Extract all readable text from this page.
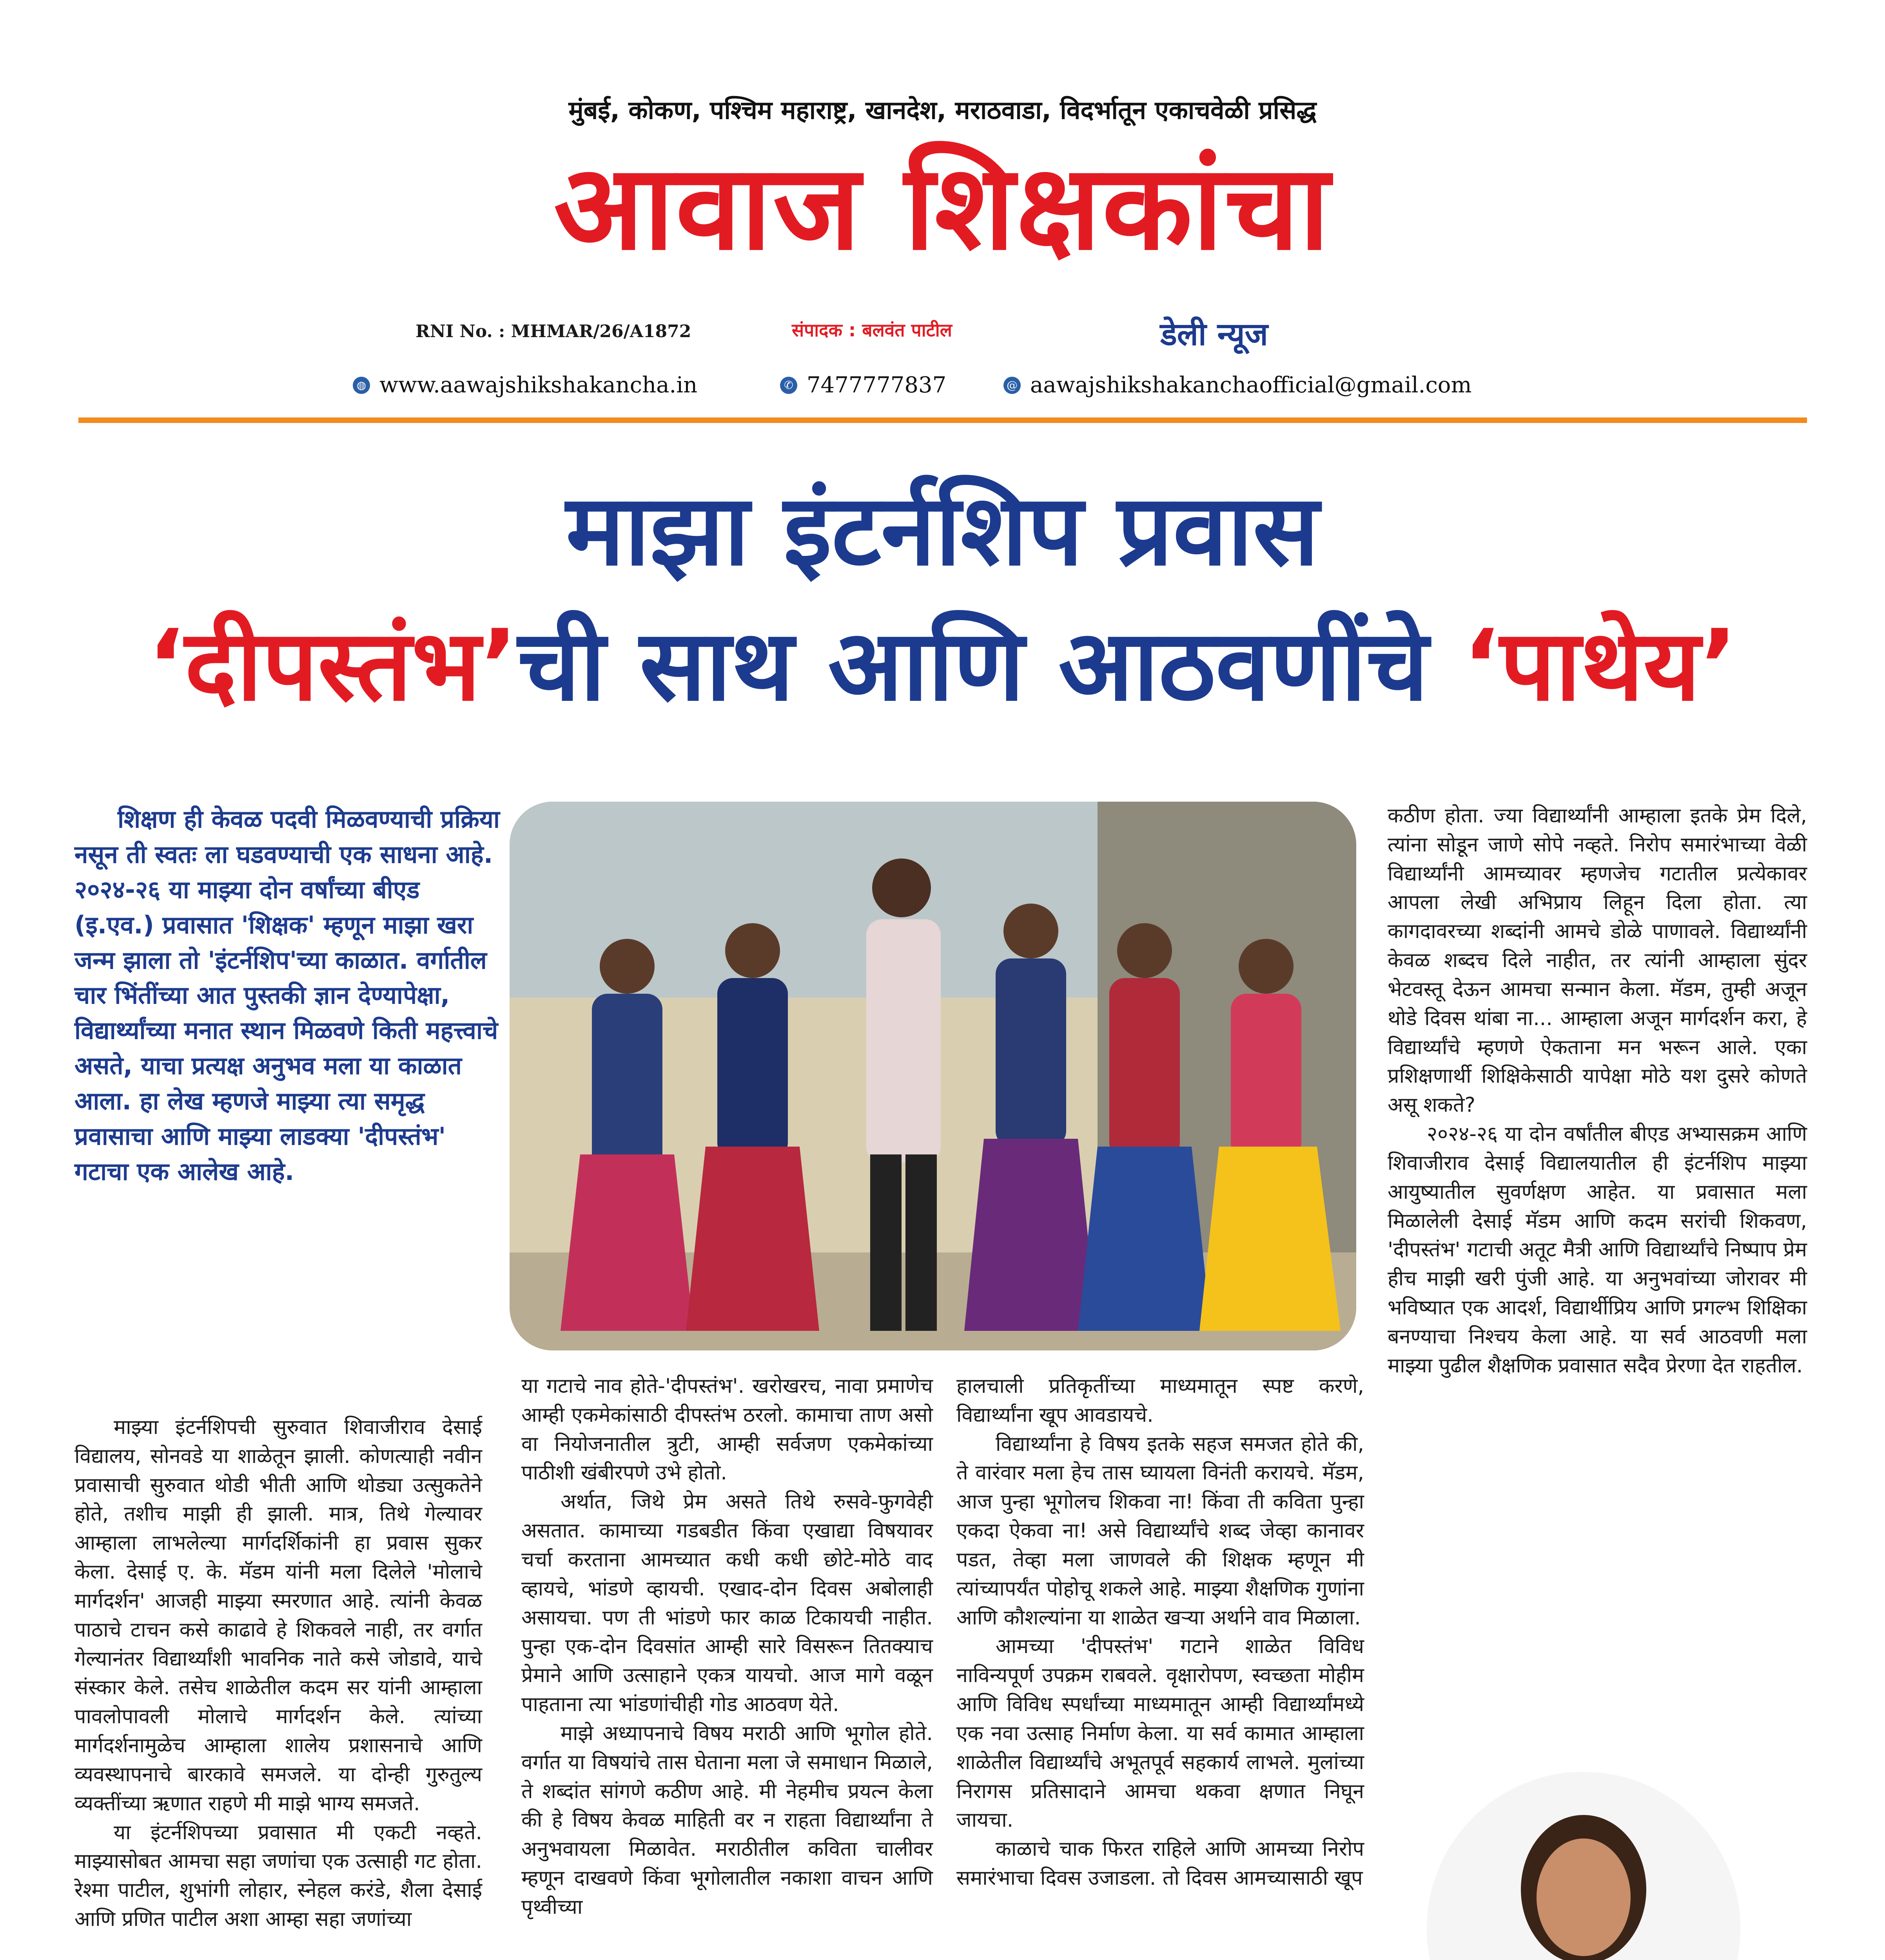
मुंबई, कोकण, पश्चिम महाराष्ट्र, खानदेश, मराठवाडा, विदर्भातून एकाचवेळी प्रसिद्ध
आवाज शिक्षकांचा
RNI No. : MHMAR/26/A1872	संपादक : बलवंत पाटील	डेली न्यूज
◍ www.aawajshikshakancha.in	✆ 7477777837	@ aawajshikshakanchaofficial@gmail.com
माझा इंटर्नशिप प्रवास
‘दीपस्तंभ’ची साथ आणि आठवणींचे ‘पाथेय’
शिक्षण ही केवळ पदवी मिळवण्याची प्रक्रिया नसून ती स्वतः ला घडवण्याची एक साधना आहे. २०२४-२६ या माझ्या दोन वर्षांच्या बीएड (इ.एव.) प्रवासात 'शिक्षक' म्हणून माझा खरा जन्म झाला तो 'इंटर्नशिप'च्या काळात. वर्गातील चार भिंतींच्या आत पुस्तकी ज्ञान देण्यापेक्षा, विद्यार्थ्यांच्या मनात स्थान मिळवणे किती महत्त्वाचे असते, याचा प्रत्यक्ष अनुभव मला या काळात आला. हा लेख म्हणजे माझ्या त्या समृद्ध प्रवासाचा आणि माझ्या लाडक्या 'दीपस्तंभ' गटाचा एक आलेख आहे.

माझ्या इंटर्नशिपची सुरुवात शिवाजीराव देसाई विद्यालय, सोनवडे या शाळेतून झाली. कोणत्याही नवीन प्रवासाची सुरुवात थोडी भीती आणि थोड्या उत्सुकतेने होते, तशीच माझी ही झाली. मात्र, तिथे गेल्यावर आम्हाला लाभलेल्या मार्गदर्शिकांनी हा प्रवास सुकर केला. देसाई ए. के. मॅडम यांनी मला दिलेले 'मोलाचे मार्गदर्शन' आजही माझ्या स्मरणात आहे. त्यांनी केवळ पाठाचे टाचन कसे काढावे हे शिकवले नाही, तर वर्गात गेल्यानंतर विद्यार्थ्यांशी भावनिक नाते कसे जोडावे, याचे संस्कार केले. तसेच शाळेतील कदम सर यांनी आम्हाला पावलोपावली मोलाचे मार्गदर्शन केले. त्यांच्या मार्गदर्शनामुळेच आम्हाला शालेय प्रशासनाचे आणि व्यवस्थापनाचे बारकावे समजले. या दोन्ही गुरुतुल्य व्यक्तींच्या ऋणात राहणे मी माझे भाग्य समजते.

या इंटर्नशिपच्या प्रवासात मी एकटी नव्हते. माझ्यासोबत आमचा सहा जणांचा एक उत्साही गट होता. रेश्मा पाटील, शुभांगी लोहार, स्नेहल करंडे, शैला देसाई आणि प्रणित पाटील अशा आम्हा सहा जणांच्या

या गटाचे नाव होते-'दीपस्तंभ'. खरोखरच, नावा प्रमाणेच आम्ही एकमेकांसाठी दीपस्तंभ ठरलो. कामाचा ताण असो वा नियोजनातील त्रुटी, आम्ही सर्वजण एकमेकांच्या पाठीशी खंबीरपणे उभे होतो.

अर्थात, जिथे प्रेम असते तिथे रुसवे-फुगवेही असतात. कामाच्या गडबडीत किंवा एखाद्या विषयावर चर्चा करताना आमच्यात कधी कधी छोटे-मोठे वाद व्हायचे, भांडणे व्हायची. एखाद-दोन दिवस अबोलाही असायचा. पण ती भांडणे फार काळ टिकायची नाहीत. पुन्हा एक-दोन दिवसांत आम्ही सारे विसरून तितक्याच प्रेमाने आणि उत्साहाने एकत्र यायचो. आज मागे वळून पाहताना त्या भांडणांचीही गोड आठवण येते.

माझे अध्यापनाचे विषय मराठी आणि भूगोल होते. वर्गात या विषयांचे तास घेताना मला जे समाधान मिळाले, ते शब्दांत सांगणे कठीण आहे. मी नेहमीच प्रयत्न केला की हे विषय केवळ माहिती वर न राहता विद्यार्थ्यांना ते अनुभवायला मिळावेत. मराठीतील कविता चालीवर म्हणून दाखवणे किंवा भूगोलातील नकाशा वाचन आणि पृथ्वीच्या

हालचाली प्रतिकृतींच्या माध्यमातून स्पष्ट करणे, विद्यार्थ्यांना खूप आवडायचे.

विद्यार्थ्यांना हे विषय इतके सहज समजत होते की, ते वारंवार मला हेच तास घ्यायला विनंती करायचे. मॅडम, आज पुन्हा भूगोलच शिकवा ना! किंवा ती कविता पुन्हा एकदा ऐकवा ना! असे विद्यार्थ्यांचे शब्द जेव्हा कानावर पडत, तेव्हा मला जाणवले की शिक्षक म्हणून मी त्यांच्यापर्यंत पोहोचू शकले आहे. माझ्या शैक्षणिक गुणांना आणि कौशल्यांना या शाळेत खऱ्या अर्थाने वाव मिळाला.

आमच्या 'दीपस्तंभ' गटाने शाळेत विविध नाविन्यपूर्ण उपक्रम राबवले. वृक्षारोपण, स्वच्छता मोहीम आणि विविध स्पर्धांच्या माध्यमातून आम्ही विद्यार्थ्यांमध्ये एक नवा उत्साह निर्माण केला. या सर्व कामात आम्हाला शाळेतील विद्यार्थ्यांचे अभूतपूर्व सहकार्य लाभले. मुलांच्या निरागस प्रतिसादाने आमचा थकवा क्षणात निघून जायचा.

काळाचे चाक फिरत राहिले आणि आमच्या निरोप समारंभाचा दिवस उजाडला. तो दिवस आमच्यासाठी खूप

कठीण होता. ज्या विद्यार्थ्यांनी आम्हाला इतके प्रेम दिले, त्यांना सोडून जाणे सोपे नव्हते. निरोप समारंभाच्या वेळी विद्यार्थ्यांनी आमच्यावर म्हणजेच गटातील प्रत्येकावर आपला लेखी अभिप्राय लिहून दिला होता. त्या कागदावरच्या शब्दांनी आमचे डोळे पाणावले. विद्यार्थ्यांनी केवळ शब्दच दिले नाहीत, तर त्यांनी आम्हाला सुंदर भेटवस्तू देऊन आमचा सन्मान केला. मॅडम, तुम्ही अजून थोडे दिवस थांबा ना... आम्हाला अजून मार्गदर्शन करा, हे विद्यार्थ्यांचे म्हणणे ऐकताना मन भरून आले. एका प्रशिक्षणार्थी शिक्षिकेसाठी यापेक्षा मोठे यश दुसरे कोणते असू शकते?

२०२४-२६ या दोन वर्षांतील बीएड अभ्यासक्रम आणि शिवाजीराव देसाई विद्यालयातील ही इंटर्नशिप माझ्या आयुष्यातील सुवर्णक्षण आहेत. या प्रवासात मला मिळालेली देसाई मॅडम आणि कदम सरांची शिकवण, 'दीपस्तंभ' गटाची अतूट मैत्री आणि विद्यार्थ्यांचे निष्पाप प्रेम हीच माझी खरी पुंजी आहे. या अनुभवांच्या जोरावर मी भविष्यात एक आदर्श, विद्यार्थीप्रिय आणि प्रगल्भ शिक्षिका बनण्याचा निश्चय केला आहे. या सर्व आठवणी मला माझ्या पुढील शैक्षणिक प्रवासात सदैव प्रेरणा देत राहतील.
